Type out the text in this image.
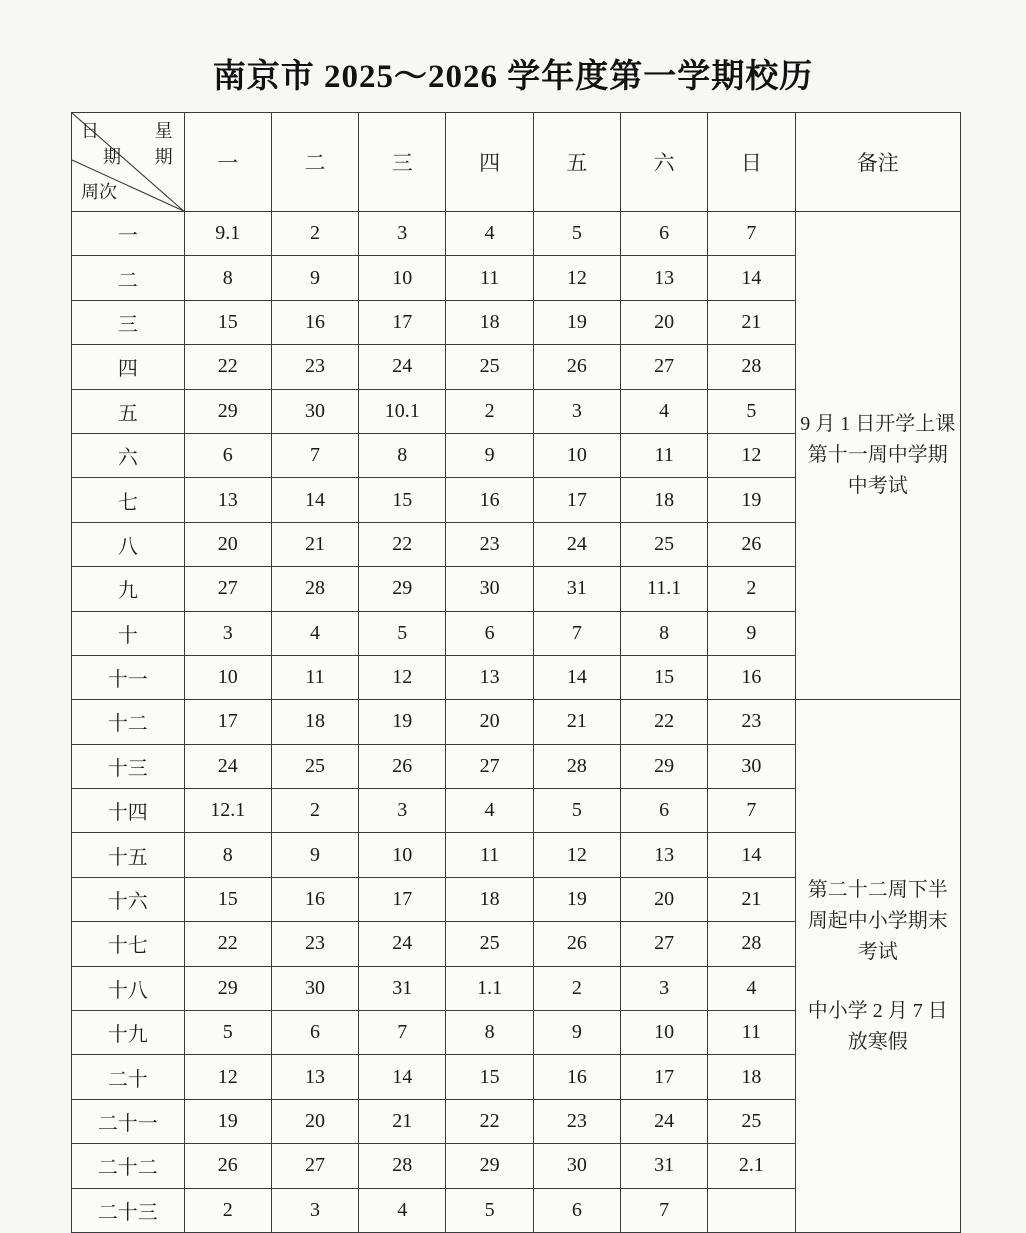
南京市 2025～2026 学年度第一学期校历
日
期
星
期
周次	一	二	三	四	五	六	日	备注
一	9.1	2	3	4	5	6	7	9 月 1 日开学上课

第十一周中学期

中考试

二	8	9	10	11	12	13	14	
三	15	16	17	18	19	20	21	
四	22	23	24	25	26	27	28	
五	29	30	10.1	2	3	4	5	
六	6	7	8	9	10	11	12	
七	13	14	15	16	17	18	19	
八	20	21	22	23	24	25	26	
九	27	28	29	30	31	11.1	2	
十	3	4	5	6	7	8	9	
十一	10	11	12	13	14	15	16	
十二	17	18	19	20	21	22	23	第二十二周下半

周起中小学期末

考试

中小学 2 月 7 日

放寒假

十三	24	25	26	27	28	29	30	
十四	12.1	2	3	4	5	6	7	
十五	8	9	10	11	12	13	14	
十六	15	16	17	18	19	20	21	
十七	22	23	24	25	26	27	28	
十八	29	30	31	1.1	2	3	4	
十九	5	6	7	8	9	10	11	
二十	12	13	14	15	16	17	18	
二十一	19	20	21	22	23	24	25	
二十二	26	27	28	29	30	31	2.1	
二十三	2	3	4	5	6	7		
